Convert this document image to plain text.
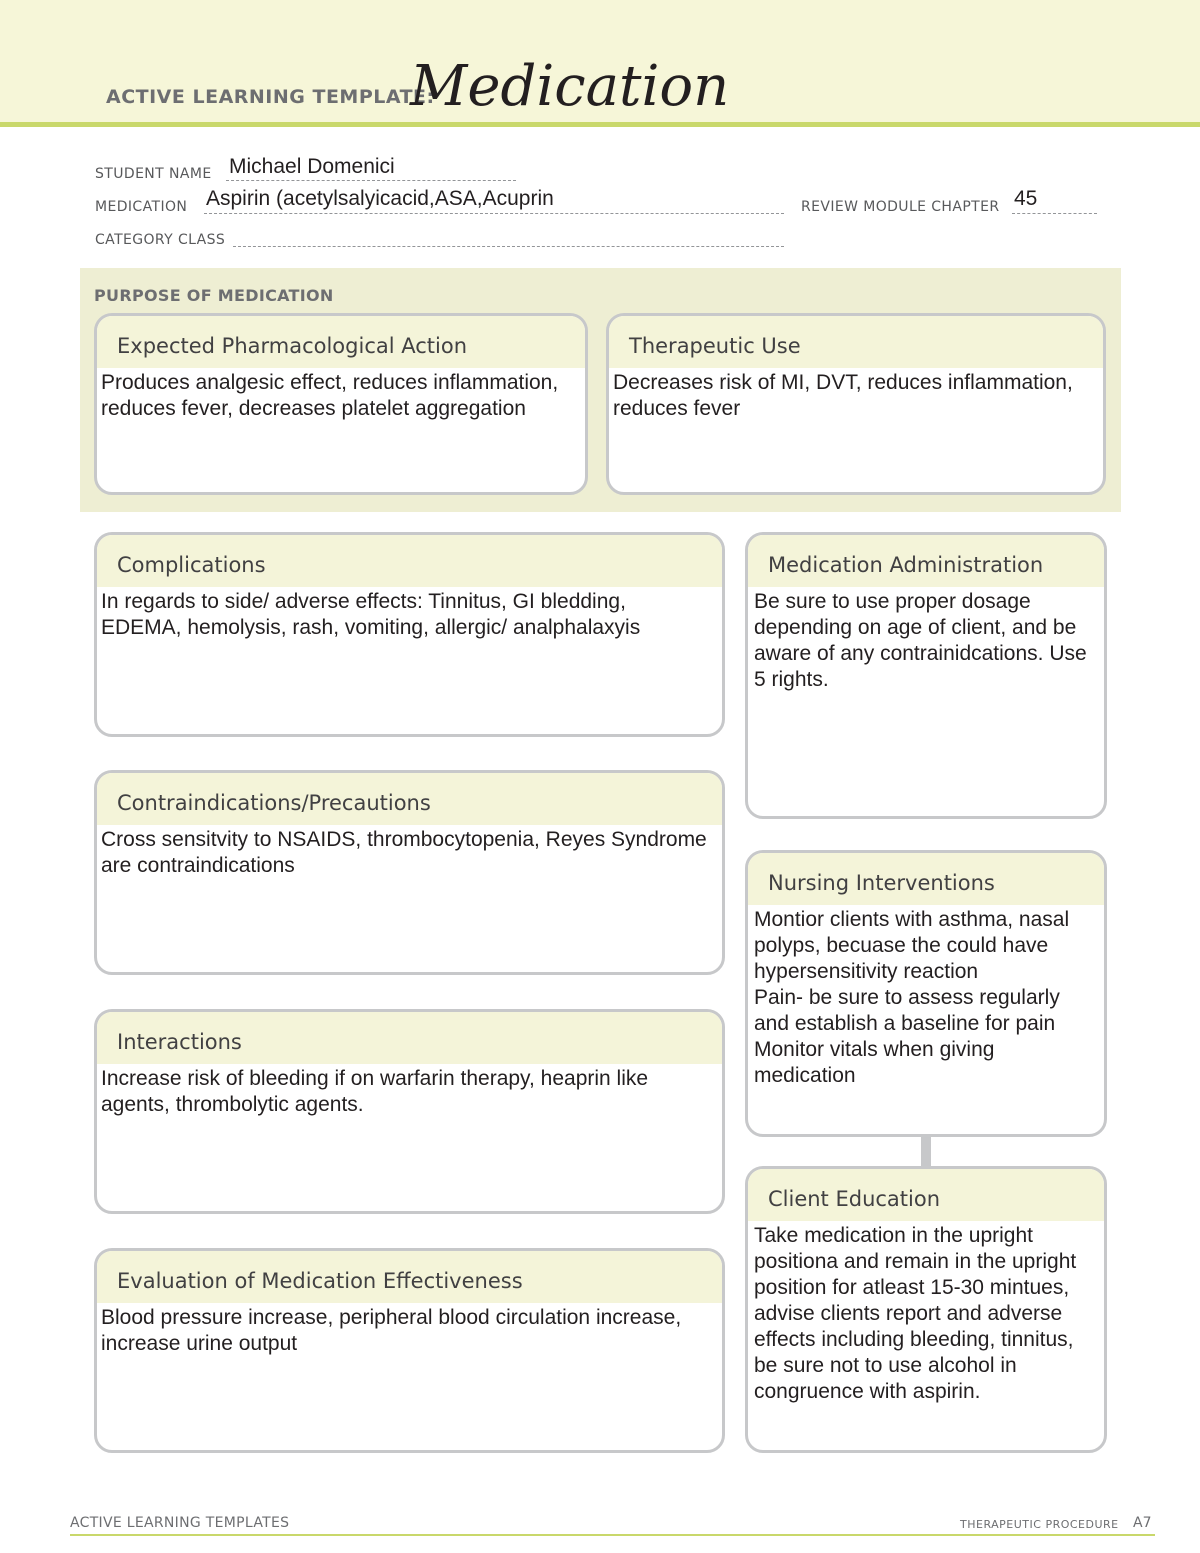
ACTIVE LEARNING TEMPLATE:
Medication
STUDENT NAME Michael Domenici
MEDICATION Aspirin (acetylsalyicacid,ASA,Acuprin	REVIEW MODULE CHAPTER 45
CATEGORY CLASS
PURPOSE OF MEDICATION
Expected Pharmacological Action
Produces analgesic effect, reduces inflammation, reduces fever, decreases platelet aggregation
Therapeutic Use
Decreases risk of MI, DVT, reduces inflammation, reduces fever
Complications
In regards to side/ adverse effects: Tinnitus, GI bledding, EDEMA, hemolysis, rash, vomiting, allergic/ analphalaxyis
Contraindications/Precautions
Cross sensitvity to NSAIDS, thrombocytopenia, Reyes Syndrome are contraindications
Interactions
Increase risk of bleeding if on warfarin therapy, heaprin like agents, thrombolytic agents.
Evaluation of Medication Effectiveness
Blood pressure increase, peripheral blood circulation increase, increase urine output
Medication Administration
Be sure to use proper dosage depending on age of client, and be aware of any contrainidcations. Use 5 rights.
Nursing Interventions
Montior clients with asthma, nasal polyps, becuase the could have hypersensitivity reaction
Pain- be sure to assess regularly and establish a baseline for pain
Monitor vitals when giving medication
Client Education
Take medication in the upright positiona and remain in the upright position for atleast 15-30 mintues, advise clients report and adverse effects including bleeding, tinnitus, be sure not to use alcohol in congruence with aspirin.
ACTIVE LEARNING TEMPLATES	THERAPEUTIC PROCEDURE A7
